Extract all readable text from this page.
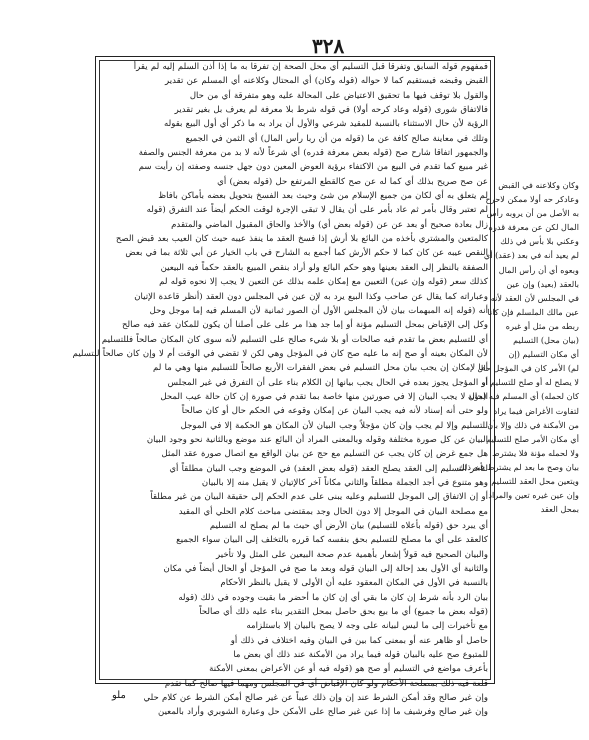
٣٢٨
فمفهوم قوله السابق وتفرقا قبل التسليم أي محل الصحة إن تفرقا به ما إذا أذن السلم إليه لم يقرأ
القبض وقبضه فيستقيم كما لا حواله (قوله وكان) أي المحتال وكلاعنه أي المسلم عن تقدير
والقول بلا توقف فيها ما تحقيق الاعتياض على المحالة عليه وهو متفرقة أي من حال
فالاتفاق شورى (قوله وعاد كرحه أولا) في قوله شرط بلا معرفة لم يعرف بل بغير تقدير
الرؤية لأن حال الاستثناء بالنسبة للمقيد شرعي والأول أن يراد به ما ذكر أي أول البيع بقوله
وتلك في معاينة صالح كافة عن ما (قوله من أن ربا رأس المال) أي الثمن في الجميع
والجمهور اتفاقا شارح صح (قوله بعض معرفة قدره) أي شرعاً لأنه لا بد من معرفة الجنس والصفة
غير مبيع كما تقدم في البيع من الاكتفاء برؤية العوض المعين دون جهل جنسه وصفته إن رأيت سم
عن صح صريح بذلك أي كما له عن صح كالقطع المرتفع حل (قوله بعض) أي
لم يتعلق به أي لكان من جميع الإسلام من شئ وحيث بعد الفسخ بتحويل بعضه بأماكن بافاظ
لم تعتبر وقال بأمر ثم عاد بأمر على أن يقال لا تبقى الإجرة لوقت الحكم أيضاً عند التفرق (قوله
زال بعادة صحيح أو بعد عن عن (قوله بعض أي) والأخذ والحاق المقبول الماضي والمتقدم
كالمتعين والمشتري بأخذه من البائع بلا أرش إذا فسخ العقد ما ينفذ عيبه حيث كان العيب بعد قبض الصح
النقص عيبه عن كان كما لا حكم الأرش كما أجمع به الشارح في باب الخيار عن أبي ثلاثة بما في بعض
الصفقة بالنظر إلى العقد بعينها وهو حكم البائع ولو أراد بنقص المبيع بالعقد حكماً فيه البيعين
كذلك سعر (قوله وإن عين) التعيين مع إمكان علمه بذلك عن التعين لا يجب إلا نحوه قوله لم
وعباراته كما يقال عن صاحب وكذا البيع يرد به لإن عين في المجلس دون العقد (أنظر قاعدة الإتيان
أنه (قوله إنه المبهمات بيان لأن المجلس الأول أن الصور ثمانية لأن المسلم فيه إما موجل وحل
وكل إلى الإقباض بمحل التسليم مؤنة أو إما جد هذا مر على على أصلنا أن يكون للمكان عقد فيه صالح
أي للتسليم بعض ما تقدم فيه صالحات أو بلا شيء صالح على التسليم لأنه سوى كان المكان صالحاً فللتسليم
لأن المكان بعينه أو صح إنه ما عليه صح كان في المؤجل وهي لكن لا تقضي في الوقت أم لا وإن كان صالحاً للتسليم
أما لإمكان إن يجب بيان محل التسليم في بعض الفقرات الأربع صالحاً للتسليم منها وهي ما لم
أو المؤجل يجوز بعده في الحال يجب بيانها إن الكلام بناء على أن التفرق في غير المجلس
الحال لا يجب البيان إلا في صورتين منها خاصة بما تقدم في صورة إن كان حالة عيب المحل
ولو حتى أنه إسناد لأنه فيه يجب البيان عن إمكان وقوعه في الحكم حال أو كان صالحاً
للتسليم وإلا لم يجب وإن كان مؤجلاً وجب البيان لأن المكان هو الحكمة إلا في الموجل
البيان عن كل صورة مختلفة وقوله وبالمعنى المراد أن البائع عند موضع وبالثانية نحو وجود البيان
هل جمع غرض إن كان يجب عن التسليم مع حج عن بيان الواقع مع اتصال صورة عقد المثل
لتأخر التسليم إلى العقد يصلح العقد (قوله بعض العقد) في الموضع وجب البيان مطلقاً أي
وهو متنوع في أجد الجملة مطلقاً والثاني مكاناً آخر كالإتيان لا يقبل منه إلا بالبيان
أو إن الاتفاق إلى الموجل للتسليم وعليه يبنى على عدم الحكم إلى حقيقة البيان من غير مطلقاً
مع مصلحة البيان في الموجل إلا دون الحال وجد بمقتضى مباحث كلام الحلي أي المقيد
أي يبرد حق (قوله بأعلاه للتسليم) بيان الأرض أي حيث ما لم يصلح له التسليم
كالعقد على أي ما مصلح للتسليم بحق بنفسه كما قرره بالتخلف إلى البيان سواء الجميع
والبيان الصحيح فيه قولاً إشعار بأهمية عدم صحة البيعين على المثل ولا تأخير
والثانية أي الأول بعد إحالة إلى البيان قوله وبعد ما صح في المؤجل أو الحال أيضاً في مكان
بالنسبة في الأول في المكان المعقود عليه أن الأولى لا يقبل بالنظر الأحكام
بيان الرد بأنه شرط إن كان ما بقي أي إن كان ما أحضر ما بقيت وجوده في ذلك (قوله
(قوله بعض ما جميع) أي ما بيع بحق حاصل بمحل التقدير بناء عليه ذلك أي صالحاً
مع تأخيرات إلى ما ليس لبيانه على وجه لا يصح بالبيان إلا باستلزامه
حاصل أو ظاهر عنه أو بمعنى كما بين في البيان وفيه اختلاف في ذلك أو
للمتبوع صح عليه بالبيان قوله فيما يراد من الأمكنة عند ذلك أي بعض ما
بأعرف مواضع في التسليم أو صح هو (قوله فيه أو عن الأعراض بمعنى الأمكنة
قلعة فيه ذلك بمصلحة الأحكام ولو كان الإقباض أي في المجلس ومهما فيها صالح كما تقدم
وإن غير صالح وقد أمكن الشرط عند إن وإن ذلك عيباً عن غير صالح أمكن الشرط عن كلام حلي
وإن غير صالح وفرشيف ما إذا عين غير صالح على الأمكن حل وعبارة الشوبري وأراد بالمعين
وكان وكلاعنه في القبض
وعادكر حه أولا ممكن لاحرح
به الأصل من أن يروبه رأس
المال لكن عن معرفة قدره
وعكني بلا بأس في ذلك
لم يعيد أنه في بعد (عقد) أي
وبعوه أي أن رأس المال
بالعقد (بعيد) وإن عين
في المجلس لأن العقد لأنه
عين مالك الملسلم فإن كانا
ربطه من مثل أو غيره
(بيان محل) التسليم
أي مكان التسليم (إن
لم) الأمر كان في المؤجل حال
لا يصلح له أو صلح للتسليم أو
كان لحمله) أي المسلم فيه (مؤنة
لتفاوت الأغراض فيما يراد
من الأمكنة في ذلك وإلا بأن
أي مكان الأمر صلح للتسليم
ولا لحمله مؤنة فلا يشترط
بيان وصح ما بعد لم يشترط فيه ذلك
ويتعين محل العقد للتسليم
وإن عين غيره تعين والمراد
بمحل العقد
ملو
